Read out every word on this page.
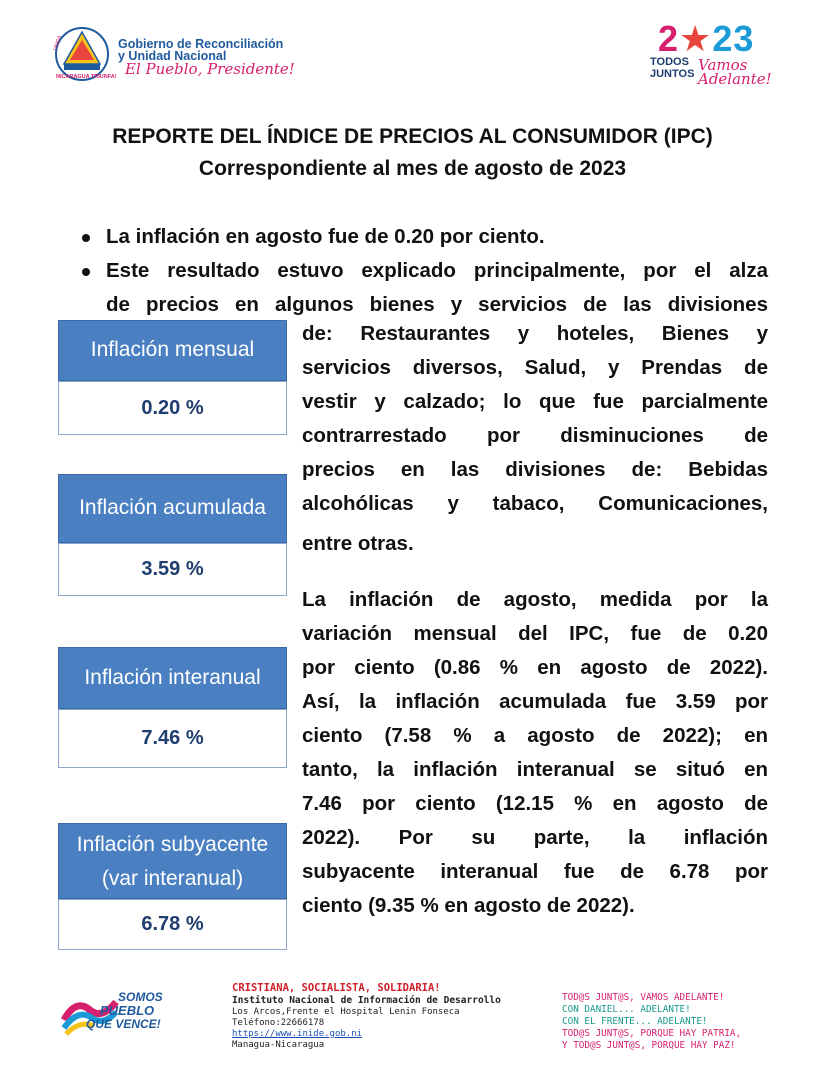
UNIDA
NICARAGUA TRIUNFA!
Gobierno de Reconciliación
y Unidad Nacional
El Pueblo, Presidente!
2★23
TODOS
JUNTOS Vamos Adelante!
REPORTE DEL ÍNDICE DE PRECIOS AL CONSUMIDOR (IPC)
Correspondiente al mes de agosto de 2023
La inflación en agosto fue de 0.20 por ciento.
Este resultado estuvo explicado principalmente, por el alza
de precios en algunos bienes y servicios de las divisiones
de: Restaurantes y hoteles, Bienes y
servicios diversos, Salud, y Prendas de
vestir y calzado; lo que fue parcialmente
contrarrestado por disminuciones de
precios en las divisiones de: Bebidas
alcohólicas y tabaco, Comunicaciones,
entre otras.
La inflación de agosto, medida por la
variación mensual del IPC, fue de 0.20
por ciento (0.86 % en agosto de 2022).
Así, la inflación acumulada fue 3.59 por
ciento (7.58 % a agosto de 2022); en
tanto, la inflación interanual se situó en
7.46 por ciento (12.15 % en agosto de
2022). Por su parte, la inflación
subyacente interanual fue de 6.78 por
ciento (9.35 % en agosto de 2022).
Inflación mensual
0.20 %
Inflación acumulada
3.59 %
Inflación interanual
7.46 %
Inflación subyacente
(var interanual)
6.78 %
SOMOS
PUEBLO
QUE VENCE!
CRISTIANA, SOCIALISTA, SOLIDARIA!
Instituto Nacional de Información de Desarrollo
Los Arcos,Frente el Hospital Lenin Fonseca
Teléfono:22666178
https://www.inide.gob.ni
Managua-Nicaragua
TOD@S JUNT@S, VAMOS ADELANTE!
CON DANIEL... ADELANTE!
CON EL FRENTE... ADELANTE!
TOD@S JUNT@S, PORQUE HAY PATRIA,
Y TOD@S JUNT@S, PORQUE HAY PAZ!
